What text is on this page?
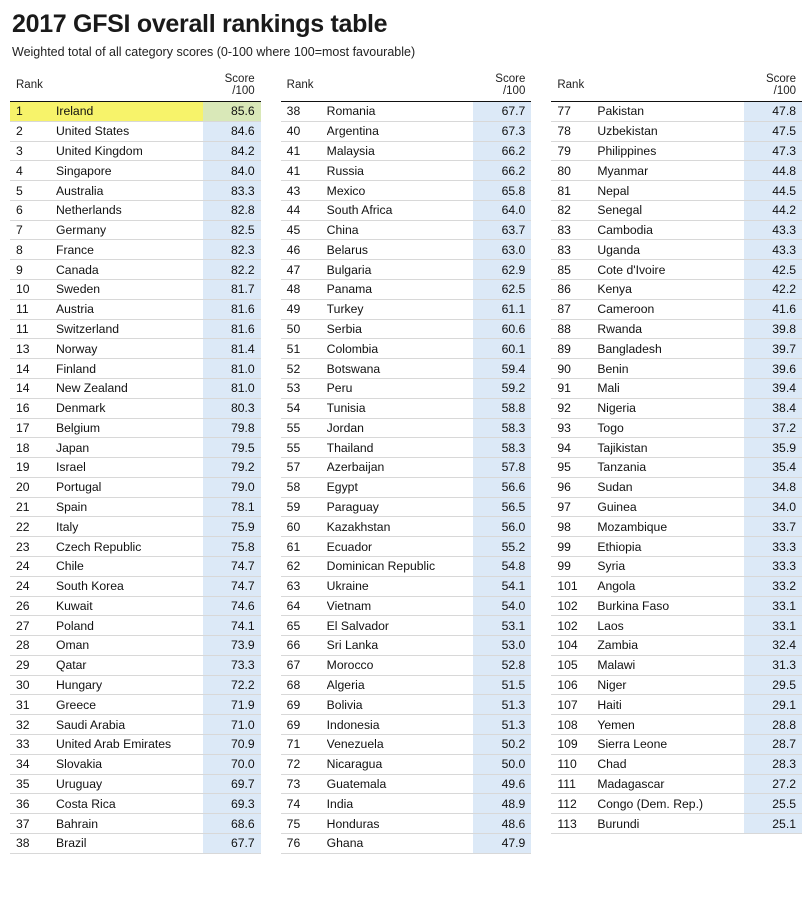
2017 GFSI overall rankings table
Weighted total of all category scores (0-100 where 100=most favourable)
Rank		Score /100
1	Ireland	85.6
2	United States	84.6
3	United Kingdom	84.2
4	Singapore	84.0
5	Australia	83.3
6	Netherlands	82.8
7	Germany	82.5
8	France	82.3
9	Canada	82.2
10	Sweden	81.7
11	Austria	81.6
11	Switzerland	81.6
13	Norway	81.4
14	Finland	81.0
14	New Zealand	81.0
16	Denmark	80.3
17	Belgium	79.8
18	Japan	79.5
19	Israel	79.2
20	Portugal	79.0
21	Spain	78.1
22	Italy	75.9
23	Czech Republic	75.8
24	Chile	74.7
24	South Korea	74.7
26	Kuwait	74.6
27	Poland	74.1
28	Oman	73.9
29	Qatar	73.3
30	Hungary	72.2
31	Greece	71.9
32	Saudi Arabia	71.0
33	United Arab Emirates	70.9
34	Slovakia	70.0
35	Uruguay	69.7
36	Costa Rica	69.3
37	Bahrain	68.6
38	Brazil	67.7
Rank		Score /100
38	Romania	67.7
40	Argentina	67.3
41	Malaysia	66.2
41	Russia	66.2
43	Mexico	65.8
44	South Africa	64.0
45	China	63.7
46	Belarus	63.0
47	Bulgaria	62.9
48	Panama	62.5
49	Turkey	61.1
50	Serbia	60.6
51	Colombia	60.1
52	Botswana	59.4
53	Peru	59.2
54	Tunisia	58.8
55	Jordan	58.3
55	Thailand	58.3
57	Azerbaijan	57.8
58	Egypt	56.6
59	Paraguay	56.5
60	Kazakhstan	56.0
61	Ecuador	55.2
62	Dominican Republic	54.8
63	Ukraine	54.1
64	Vietnam	54.0
65	El Salvador	53.1
66	Sri Lanka	53.0
67	Morocco	52.8
68	Algeria	51.5
69	Bolivia	51.3
69	Indonesia	51.3
71	Venezuela	50.2
72	Nicaragua	50.0
73	Guatemala	49.6
74	India	48.9
75	Honduras	48.6
76	Ghana	47.9
Rank		Score /100
77	Pakistan	47.8
78	Uzbekistan	47.5
79	Philippines	47.3
80	Myanmar	44.8
81	Nepal	44.5
82	Senegal	44.2
83	Cambodia	43.3
83	Uganda	43.3
85	Cote d'Ivoire	42.5
86	Kenya	42.2
87	Cameroon	41.6
88	Rwanda	39.8
89	Bangladesh	39.7
90	Benin	39.6
91	Mali	39.4
92	Nigeria	38.4
93	Togo	37.2
94	Tajikistan	35.9
95	Tanzania	35.4
96	Sudan	34.8
97	Guinea	34.0
98	Mozambique	33.7
99	Ethiopia	33.3
99	Syria	33.3
101	Angola	33.2
102	Burkina Faso	33.1
102	Laos	33.1
104	Zambia	32.4
105	Malawi	31.3
106	Niger	29.5
107	Haiti	29.1
108	Yemen	28.8
109	Sierra Leone	28.7
110	Chad	28.3
111	Madagascar	27.2
112	Congo (Dem. Rep.)	25.5
113	Burundi	25.1
